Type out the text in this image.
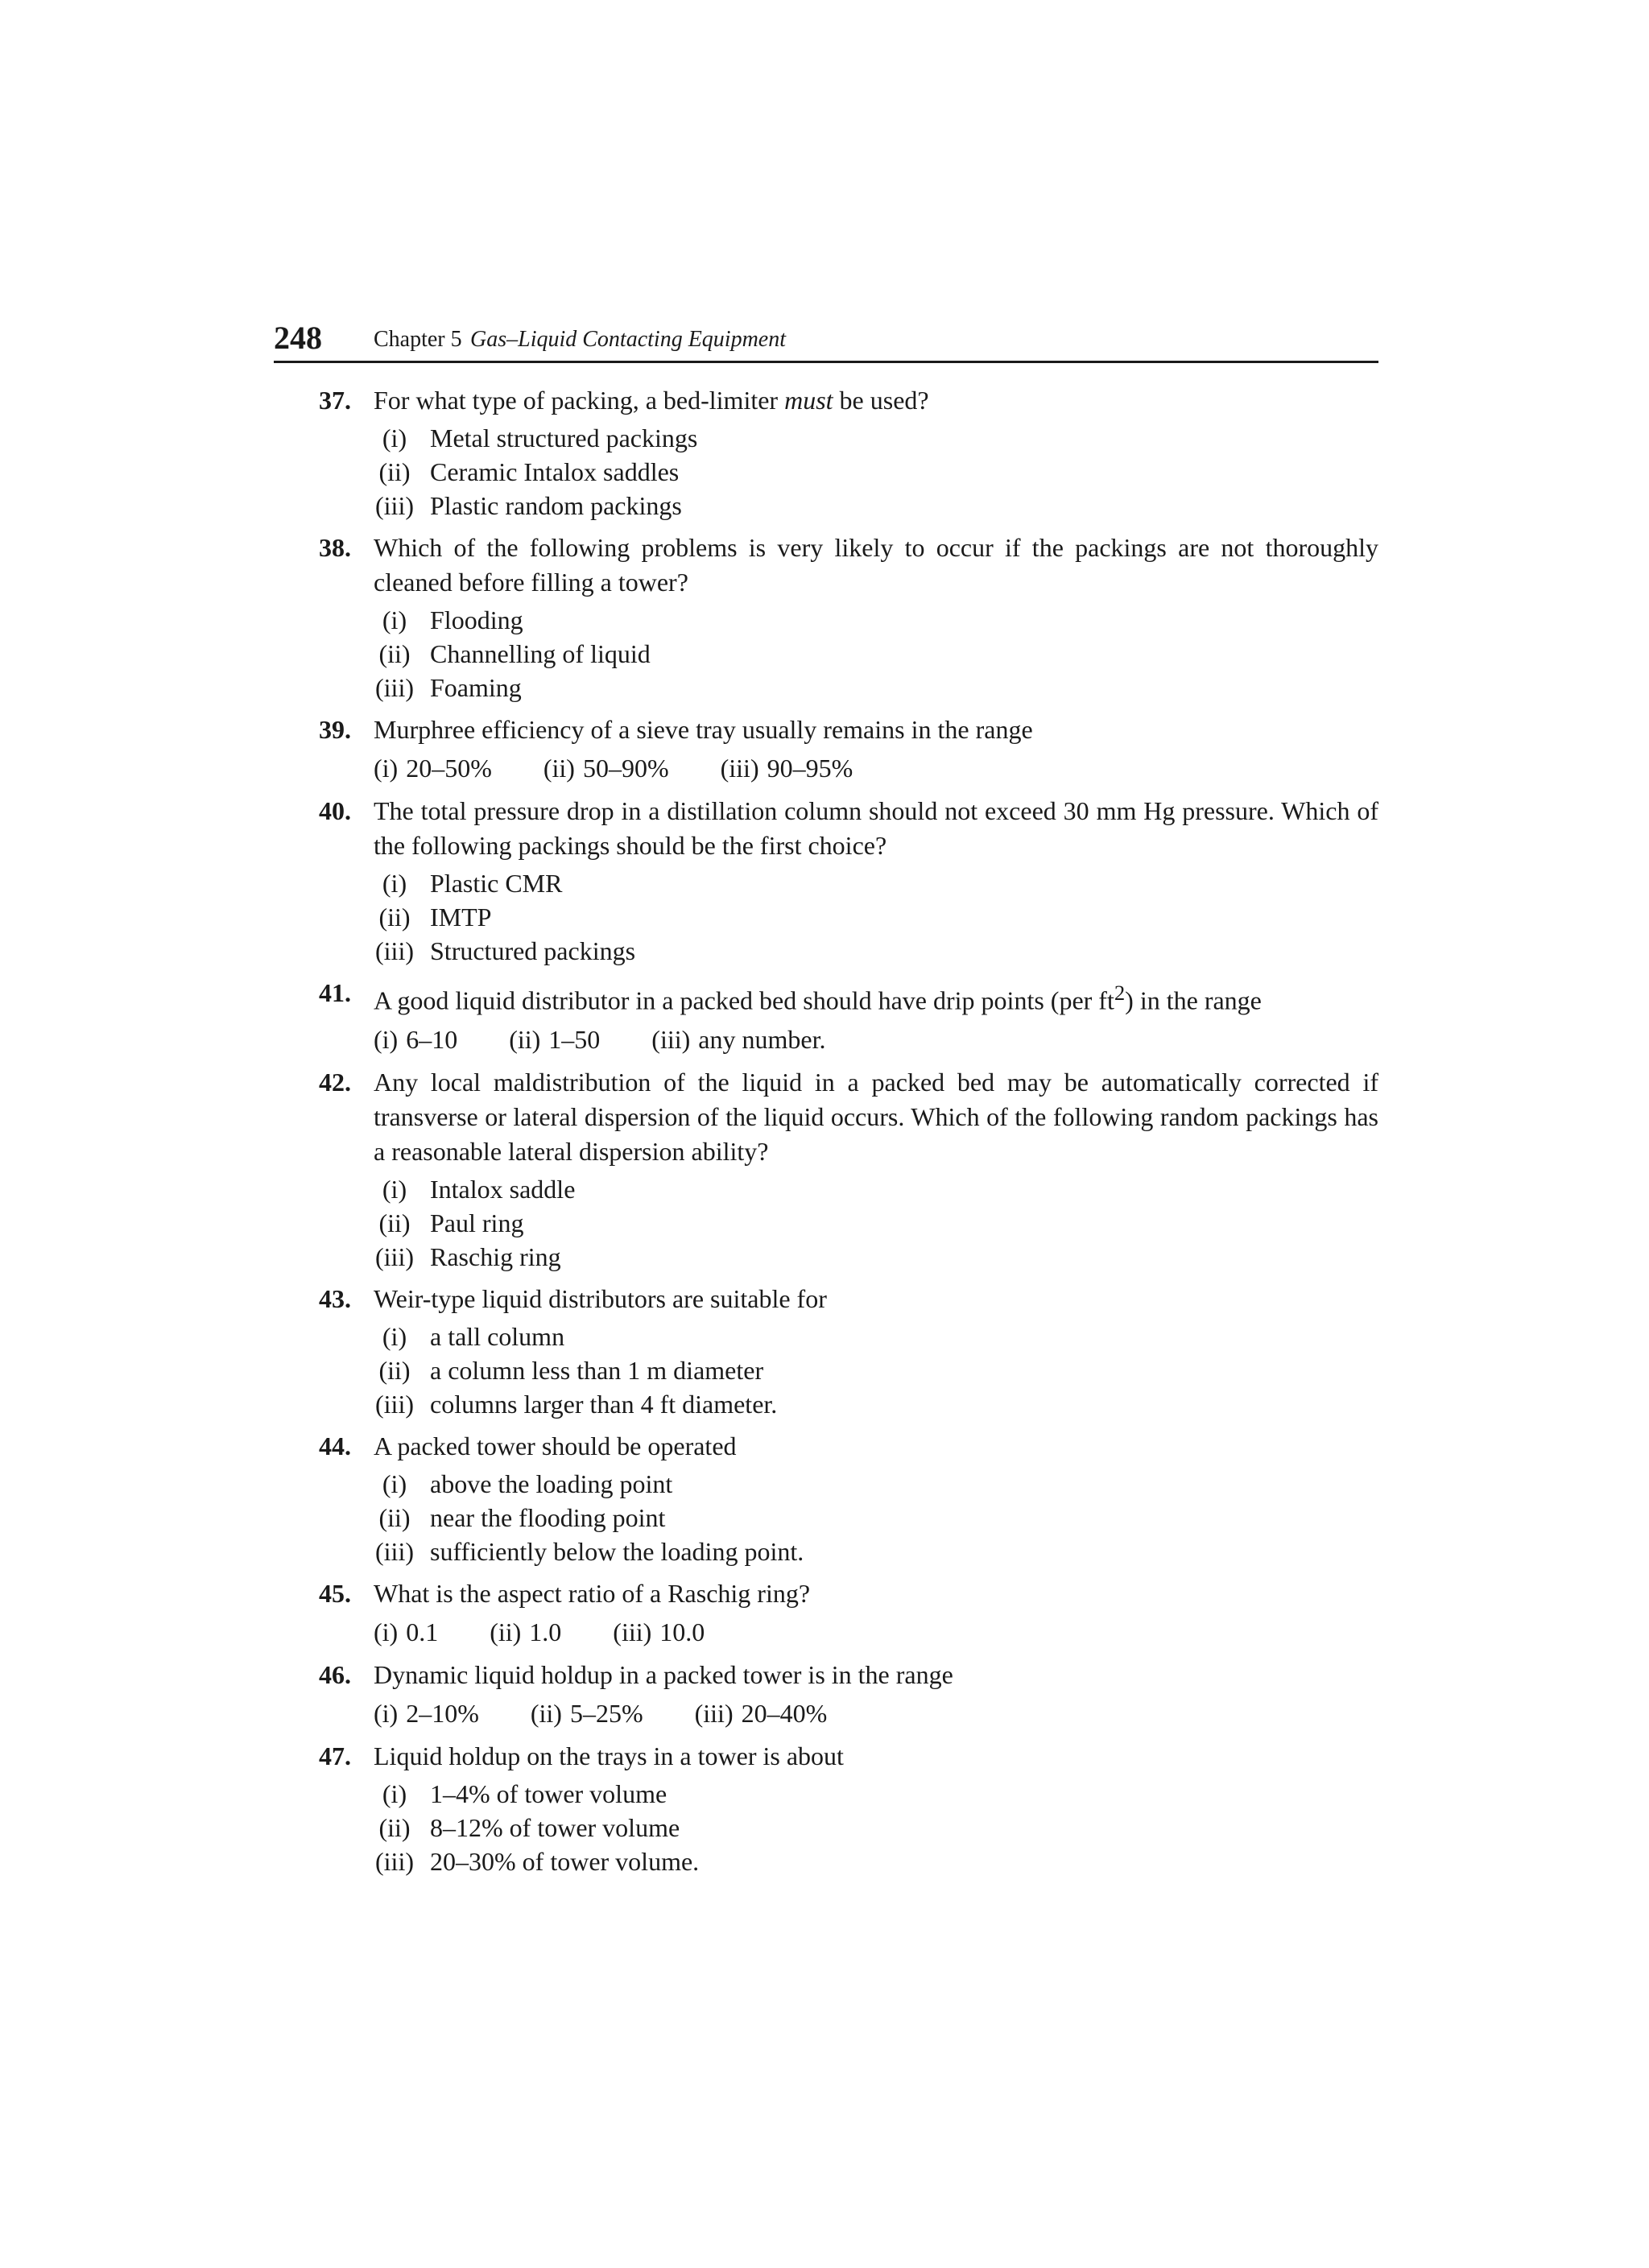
248 Chapter 5 Gas–Liquid Contacting Equipment
37. For what type of packing, a bed-limiter must be used?
(i) Metal structured packings
(ii) Ceramic Intalox saddles
(iii) Plastic random packings
38. Which of the following problems is very likely to occur if the packings are not thoroughly cleaned before filling a tower?
(i) Flooding
(ii) Channelling of liquid
(iii) Foaming
39. Murphree efficiency of a sieve tray usually remains in the range
(i) 20–50% (ii) 50–90% (iii) 90–95%
40. The total pressure drop in a distillation column should not exceed 30 mm Hg pressure. Which of the following packings should be the first choice?
(i) Plastic CMR
(ii) IMTP
(iii) Structured packings
41. A good liquid distributor in a packed bed should have drip points (per $ft^2$) in the range
(i) 6–10 (ii) 1–50 (iii) any number.
42. Any local maldistribution of the liquid in a packed bed may be automatically corrected if transverse or lateral dispersion of the liquid occurs. Which of the following random packings has a reasonable lateral dispersion ability?
(i) Intalox saddle
(ii) Paul ring
(iii) Raschig ring
43. Weir-type liquid distributors are suitable for
(i) a tall column
(ii) a column less than 1 m diameter
(iii) columns larger than 4 ft diameter.
44. A packed tower should be operated
(i) above the loading point
(ii) near the flooding point
(iii) sufficiently below the loading point.
45. What is the aspect ratio of a Raschig ring?
(i) 0.1 (ii) 1.0 (iii) 10.0
46. Dynamic liquid holdup in a packed tower is in the range
(i) 2–10% (ii) 5–25% (iii) 20–40%
47. Liquid holdup on the trays in a tower is about
(i) 1–4% of tower volume
(ii) 8–12% of tower volume
(iii) 20–30% of tower volume.
